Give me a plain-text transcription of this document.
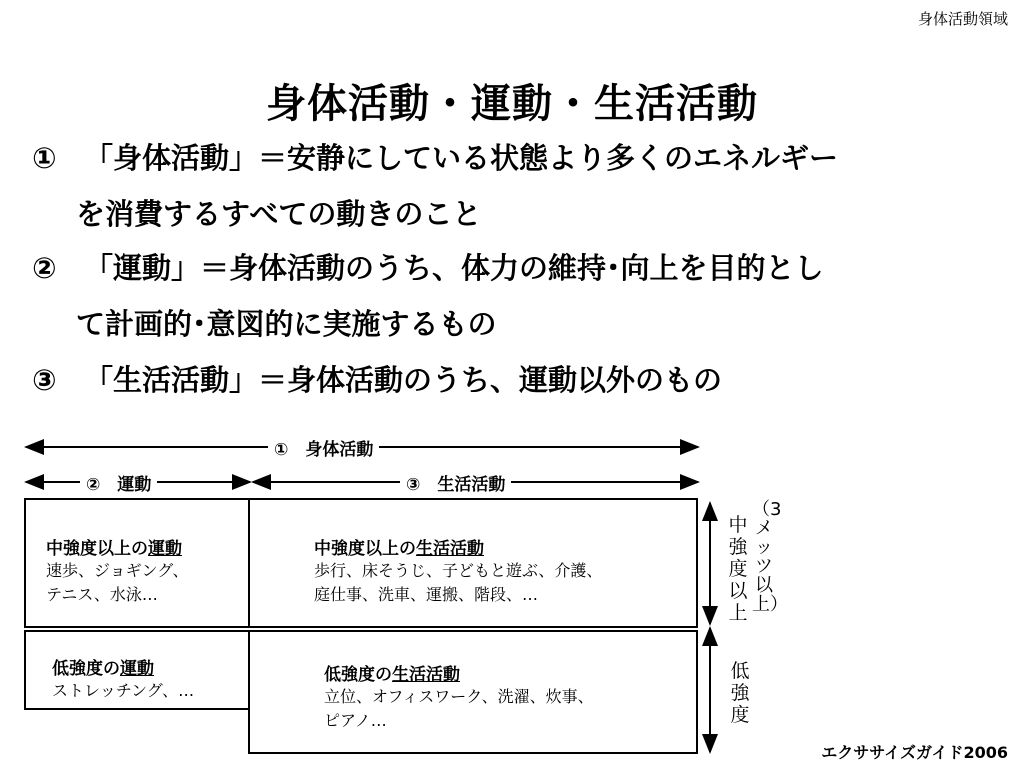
身体活動領域
身体活動・運動・生活活動
① 「身体活動」＝安静にしている状態より多くのエネルギー
を消費するすべての動きのこと
② 「運動」＝身体活動のうち、体力の維持･向上を目的とし
て計画的･意図的に実施するもの
③ 「生活活動」＝身体活動のうち、運動以外のもの
①　身体活動
②　運動	③　生活活動
中強度以上の運動
速歩、ジョギング、
テニス、水泳…
中強度以上の生活活動
歩行、床そうじ、子どもと遊ぶ、介護、
庭仕事、洗車、運搬、階段、…
低強度の運動
ストレッチング、…
低強度の生活活動
立位、オフィスワーク、洗濯、炊事、
ピアノ…
中強度以上
（3メッツ以上）
低強度
エクササイズガイド2006
